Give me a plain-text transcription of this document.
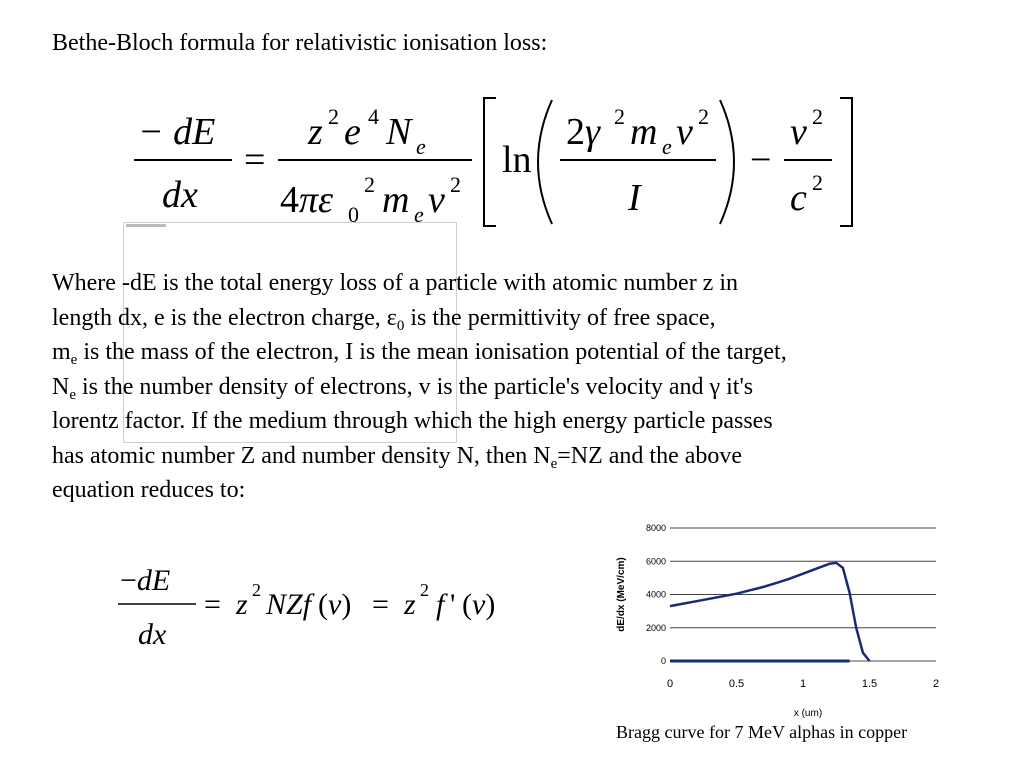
Bethe-Bloch formula for relativistic ionisation loss:
− dE
dx
=
z 2 e 4 N e
4πε 0
2 m e v 2
ln
2γ 2 m e v 2
I
−
v 2
c 2
Where -dE is the total energy loss of a particle with atomic number z in
length dx, e is the electron charge, $\varepsilon_0$ is the permittivity of free space,
$m_e$ is the mass of the electron, I is the mean ionisation potential of the target,
$N_e$ is the number density of electrons, v is the particle's velocity and γ it's
lorentz factor. If the medium through which the high energy particle passes
has atomic number Z and number density N, then $N_e=NZ$ and the above
equation reduces to:
−dE
dx
= z 2 NZf (v) = z 2 f ' (v)
0
2000
4000
6000
8000
0	0.5	1	1.5	2
dE/dx (MeV/cm)
x (um)
Bragg curve for 7 MeV alphas in copper
